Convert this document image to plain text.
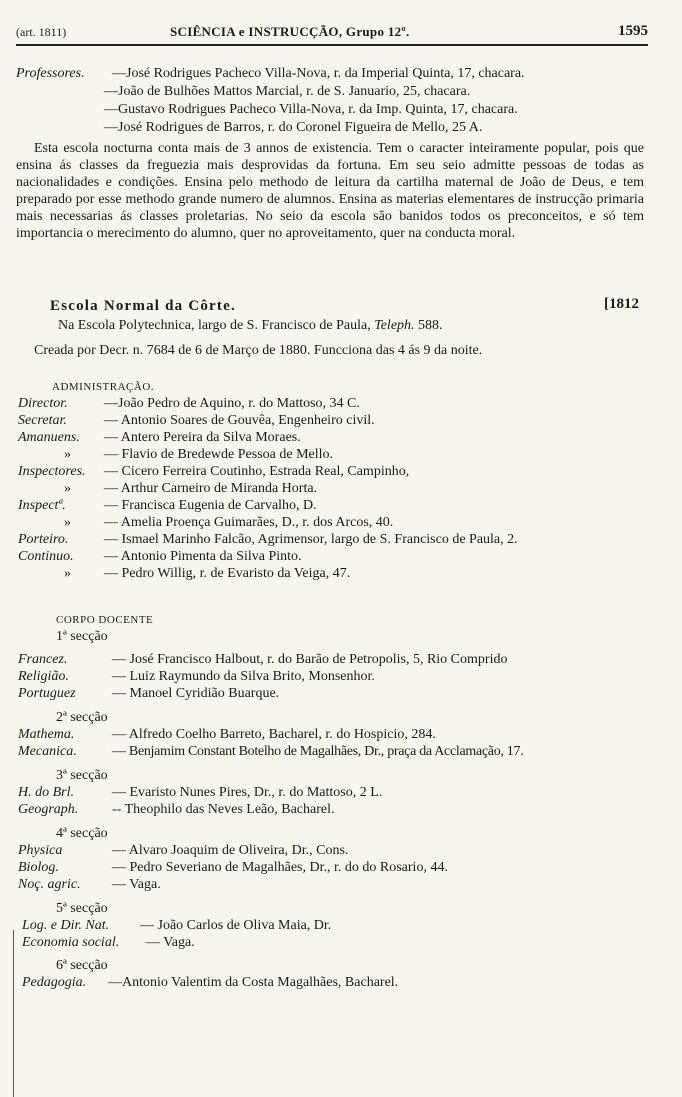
(art. 1811)	SCIÊNCIA e INSTRUCÇÃO, Grupo 12º.	1595
Professores. —José Rodrigues Pacheco Villa-Nova, r. da Imperial Quinta, 17, chacara.
—João de Bulhões Mattos Marcial, r. de S. Januario, 25, chacara.
—Gustavo Rodrigues Pacheco Villa-Nova, r. da Imp. Quinta, 17, chacara.
—José Rodrigues de Barros, r. do Coronel Figueira de Mello, 25 A.
Esta escola nocturna conta mais de 3 annos de existencia. Tem o caracter inteiramente popular, pois que ensina ás classes da freguezia mais desprovidas da fortuna. Em seu seio admitte pessoas de todas as nacionalidades e condições. Ensina pelo methodo de leitura da cartilha maternal de João de Deus, e tem preparado por esse methodo grande numero de alumnos. Ensina as materias elementares de instrucção primaria mais necessarias ás classes proletarias. No seio da escola são banidos todos os preconceitos, e só tem importancia o merecimento do alumno, quer no aproveitamento, quer na conducta moral.
Escola Normal da Côrte.	[1812
Na Escola Polytechnica, largo de S. Francisco de Paula, Teleph. 588.
Creada por Decr. n. 7684 de 6 de Março de 1880. Funcciona das 4 ás 9 da noite.
ADMINISTRAÇÃO.
Director.	—João Pedro de Aquino, r. do Mattoso, 34 C.
Secretar.	— Antonio Soares de Gouvêa, Engenheiro civil.
Amanuens. — Antero Pereira da Silva Moraes.
» — Flavio de Bredewde Pessoa de Mello.
Inspectores. — Cicero Ferreira Coutinho, Estrada Real, Campinho,
» — Arthur Carneiro de Miranda Horta.
Inspectª.	— Francisca Eugenia de Carvalho, D.
» — Amelia Proença Guimarães, D., r. dos Arcos, 40.
Porteiro.	— Ismael Marinho Falcão, Agrimensor, largo de S. Francisco de Paula, 2.
Continuo. — Antonio Pimenta da Silva Pinto.
» — Pedro Willig, r. de Evaristo da Veiga, 47.
CORPO DOCENTE
1ª secção
Francez.	— José Francisco Halbout, r. do Barão de Petropolis, 5, Rio Comprido
Religião.	— Luiz Raymundo da Silva Brito, Monsenhor.
Portuguez	— Manoel Cyridião Buarque.
2ª secção
Mathema.	— Alfredo Coelho Barreto, Bacharel, r. do Hospicio, 284.
Mecanica.	— Benjamim Constant Botelho de Magalhães, Dr., praça da Acclamação, 17.
3ª secção
H. do Brl.	— Evaristo Nunes Pires, Dr., r. do Mattoso, 2 L.
Geograph. -- Theophilo das Neves Leão, Bacharel.
4ª secção
Physica	— Alvaro Joaquim de Oliveira, Dr., Cons.
Biolog.	— Pedro Severiano de Magalhães, Dr., r. do do Rosario, 44.
Noç. agric. — Vaga.
5ª secção
Log. e Dir. Nat. — João Carlos de Oliva Maia, Dr.
Economia social. — Vaga.
6ª secção
Pedagogia. —Antonio Valentim da Costa Magalhães, Bacharel.
